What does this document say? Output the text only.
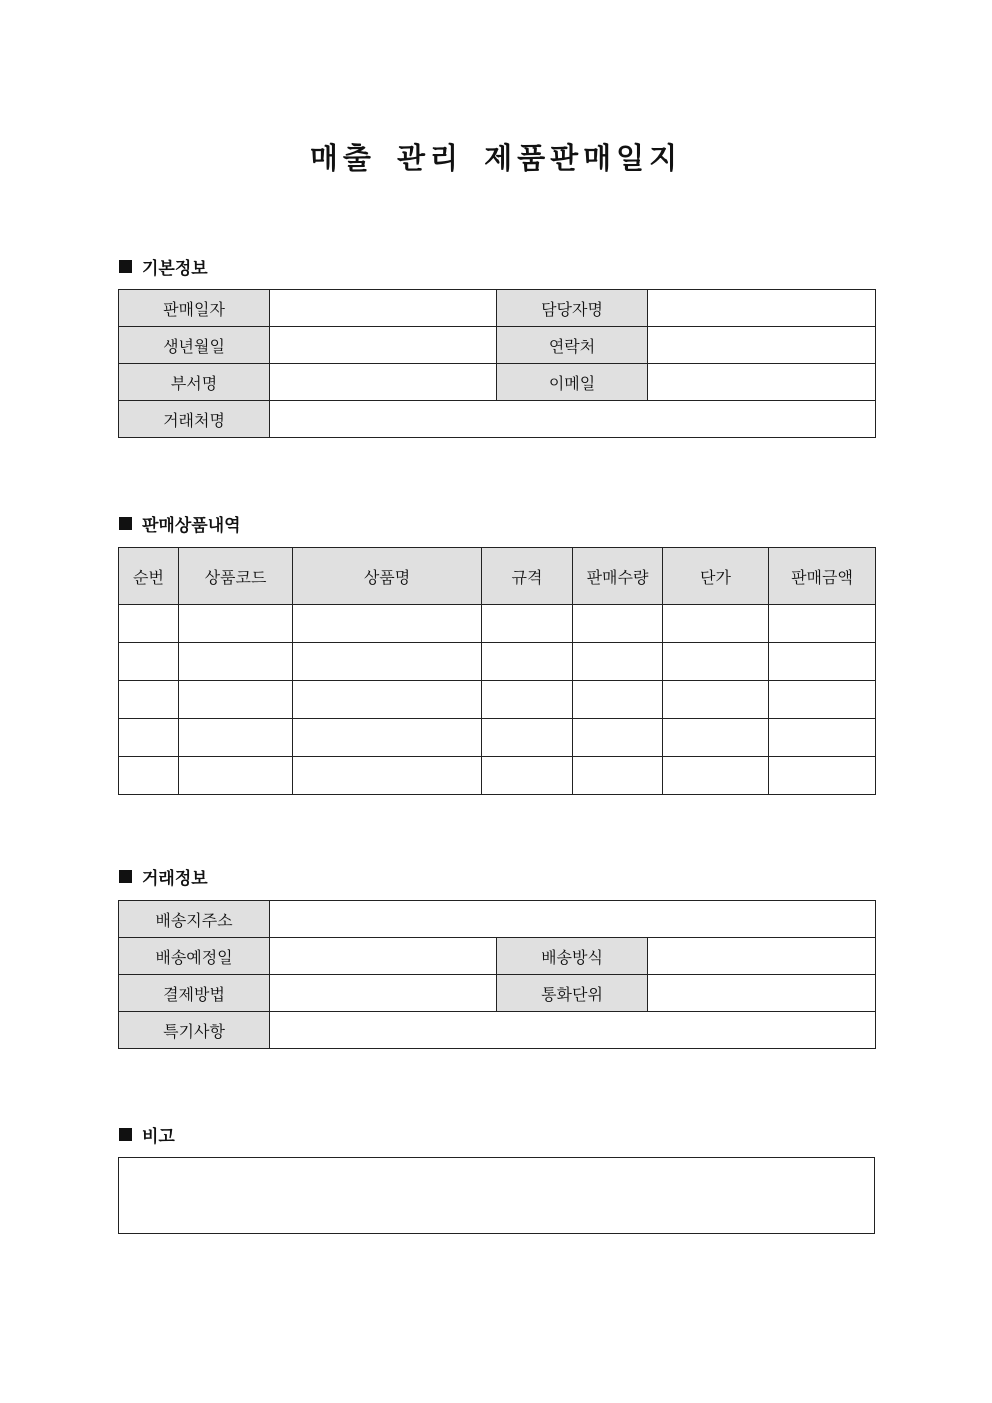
매출 관리 제품판매일지
기본정보
판매일자		담당자명	
생년월일		연락처	
부서명		이메일	
거래처명			
판매상품내역
순번	상품코드	상품명	규격	판매수량	단가	판매금액

거래정보
배송지주소			
배송예정일		배송방식	
결제방법		통화단위	
특기사항			
비고
